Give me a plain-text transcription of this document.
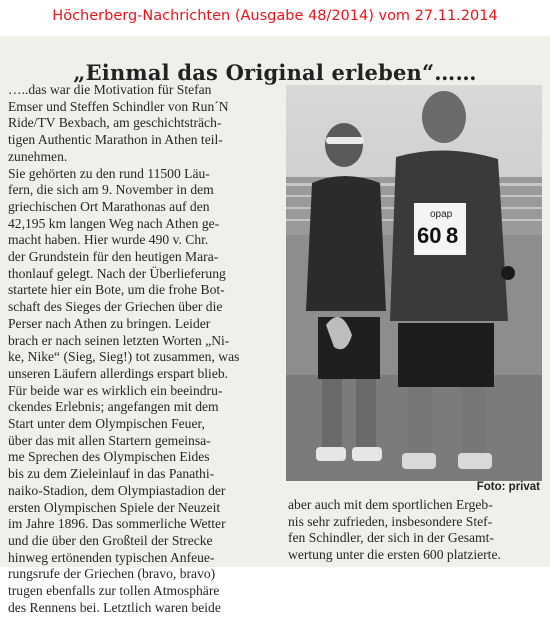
Höcherberg-Nachrichten (Ausgabe 48/2014) vom 27.11.2014
„Einmal das Original erleben“……
…..das war die Motivation für Stefan
Emser und Steffen Schindler von Run´N
Ride/TV Bexbach, am geschichtsträch-
tigen Authentic Marathon in Athen teil-
zunehmen.
Sie gehörten zu den rund 11500 Läu-
fern, die sich am 9. November in dem
griechischen Ort Marathonas auf den
42,195 km langen Weg nach Athen ge-
macht haben. Hier wurde 490 v. Chr.
der Grundstein für den heutigen Mara-
thonlauf gelegt. Nach der Überlieferung
startete hier ein Bote, um die frohe Bot-
schaft des Sieges der Griechen über die
Perser nach Athen zu bringen. Leider
brach er nach seinen letzten Worten „Ni-
ke, Nike“ (Sieg, Sieg!) tot zusammen, was
unseren Läufern allerdings erspart blieb.
Für beide war es wirklich ein beeindru-
ckendes Erlebnis; angefangen mit dem
Start unter dem Olympischen Feuer,
über das mit allen Startern gemeinsa-
me Sprechen des Olympischen Eides
bis zu dem Zieleinlauf in das Panathi-
naiko-Stadion, dem Olympiastadion der
ersten Olympischen Spiele der Neuzeit
im Jahre 1896. Das sommerliche Wetter
und die über den Großteil der Strecke
hinweg ertönenden typischen Anfeue-
rungsrufe der Griechen (bravo, bravo)
trugen ebenfalls zur tollen Atmosphäre
des Rennens bei. Letztlich waren beide
opap
60 8
Foto: privat
aber auch mit dem sportlichen Ergeb-
nis sehr zufrieden, insbesondere Stef-
fen Schindler, der sich in der Gesamt-
wertung unter die ersten 600 platzierte.
